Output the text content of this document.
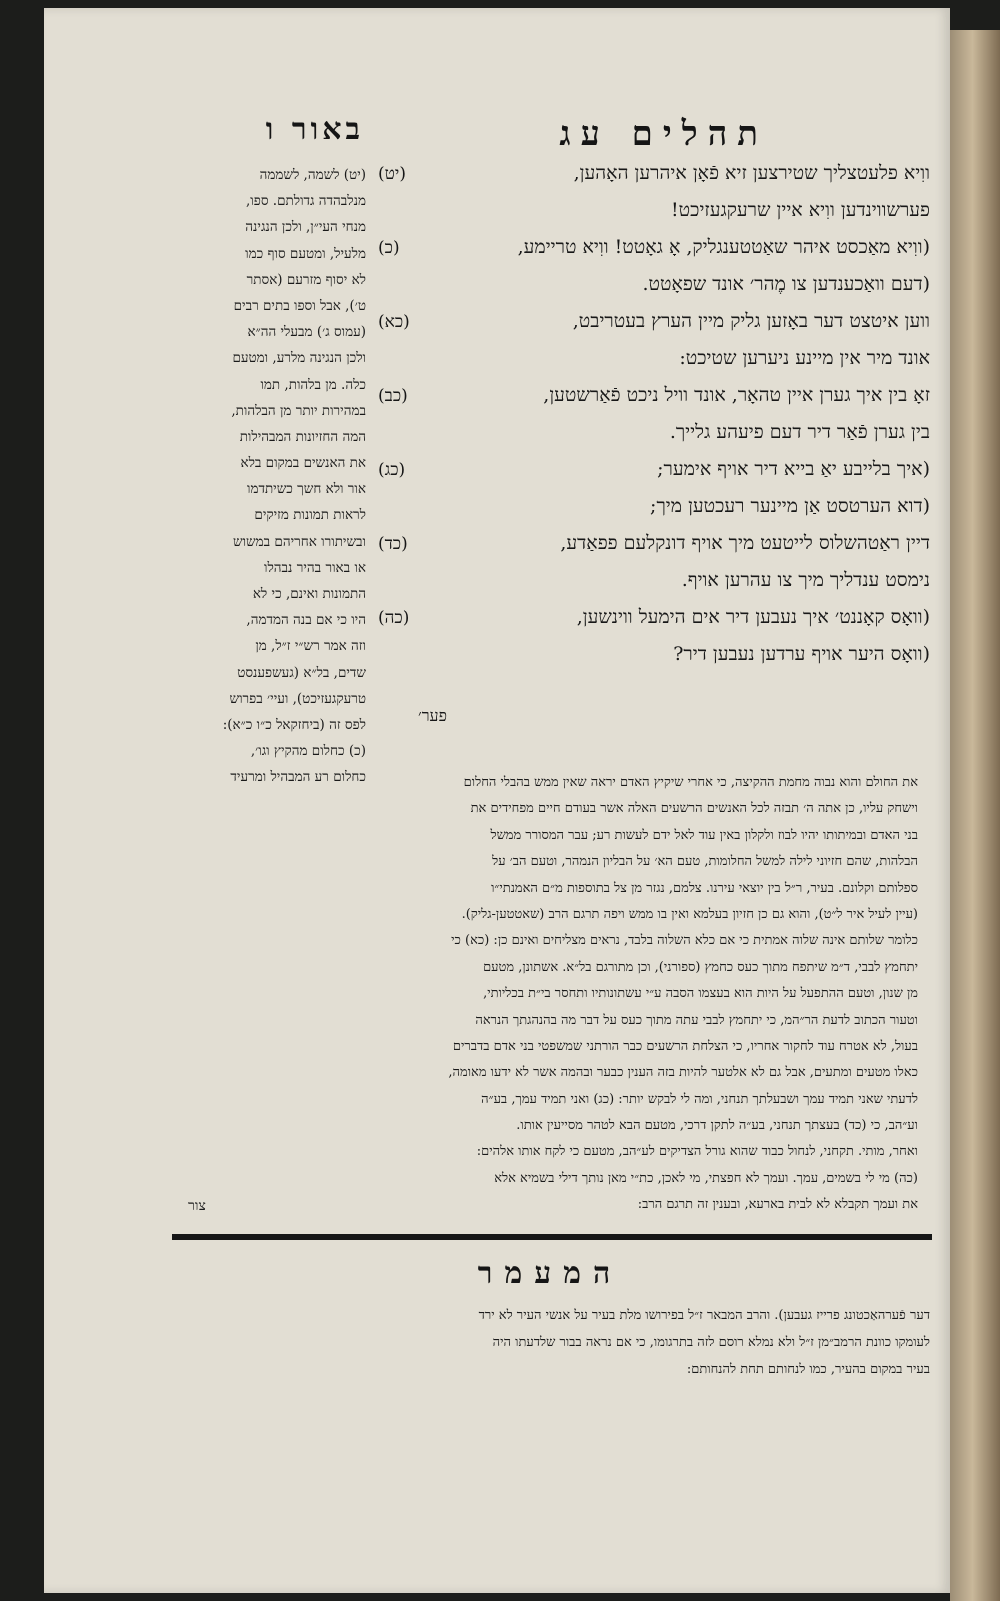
תהלים עג
באור ו
(יט)	ווִיא פלעטצליך שטירצען זיא פֿאָן איהרען האָהען,
פערשווינדען ווִיא איין שרעקגעזיכט!
(כ)	(ווִיא מאַכסט איהר שאַטטענגליק, אָ גאָטט! ווִיא טריימע,
(דעם וואַכענדען צו מֶהר׳ אונד שפאָטט.
(כא)	ווען איטצט דער באָזען גליק מיין הערץ בעטריבט,
אונד מיר אין מיינע ניערען שטיכט:
(כב)	זאָ בין איך גערן איין טהאָר, אונד וויל ניכט פֿאַרשטען,
בין גערן פֿאַר דיר דעם פיעהע גלייך.
(כג)	(איך בלייבע יאַ בייא דיר אויף אימער;
(דוא הערטסט אַן מיינער רעכטען מיך;
(כד)	דיין ראַטהשלוס לייטעט מיך אויף דונקלעם פפאַדע,
נימסט ענדליך מיך צו עהרען אויף.
(כה)	(וואָס קאָננט׳ איך נעבען דיר אים הימעל ווינשען,
(וואָס היער אויף ערדען נעבען דיר?
פער׳
(יט) לשמה, לשממה
מנלבהדה גדולתם. ספו,
מנחי העי״ן, ולכן הנגינה
מלעיל, ומטעם סוף כמו
לא יסוף מזרעם (אסתר
ט׳), אבל וספו בתים רבים
(עמוס ג׳) מבעלי הה״א
ולכן הנגינה מלרע, ומטעם
כלה. מן בלהות, תמו
במהירות יותר מן הבלהות,
המה החזיונות המבהילות
את האנשים במקום בלא
אור ולא חשך כשיתדמו
לראות תמונות מזיקים
ובשיתורו אחריהם במשוש
או באור בהיר נבהלו
התמונות ואינם, כי לא
היו כי אם בנה המדמה,
וזה אמר רש״י ז״ל, מן
שדים, בל״א (געשפענסט
טרעקגעזיכט), ועיי׳ בפרוש
לפס זה (ביחזקאל כ״ו כ״א):
(כ) כחלום מהקיץ וגו׳,
כחלום רע המבהיל ומרעיד	את החולם והוא נבוה מחמת ההקיצה, כי אחרי שיקיץ האדם יראה שאין ממש בהבלי החלום
וישחק עליו, כן אתה ה׳ תבזה לכל האנשים הרשעים האלה אשר בעודם חיים מפחידים את
בני האדם ובמיתותו יהיו לבוז ולקלון באין עוד לאל ידם לעשות רע; עבר המסורר ממשל
הבלהות, שהם חזיוני לילה למשל החלומות, טעם הא׳ על הבליון הנמהר, וטעם הב׳ על
ספלותם וקלונם. בעיר, ר״ל בין יוצאי עירנו. צלמם, נגזר מן צל בתוספות מ״ם האמנתי״ו
(עיין לעיל איר ל״ט), והוא גם כן חזיון בעלמא ואין בו ממש ויפה תרגם הרב (שאטטען-גליק).
כלומר שלותם אינה שלוה אמתית כי אם כלא השלוה בלבד, נראים מצליחים ואינם כן: (כא) כי
יתחמץ לבבי, ד״מ שיתפח מתוך כעס כחמץ (ספורני), וכן מתורגם בל״א. אשתונן, מטעם
מן שנון, וטעם ההתפעל על היות הוא בעצמו הסבה ע״י עשתונותיו ותחסר בי״ת בכליותי,
וטעור הכתוב לדעת הר״המ, כי יתחמץ לבבי עתה מתוך כעס על דבר מה בהנהגתך הנראה
בעול, לא אטרח עוד לחקור אחריו, כי הצלחת הרשעים כבר הורתני שמשפטי בני אדם בדברים
כאלו מטעים ומתעים, אבל גם לא אלטער להיות בזה הענין כבער ובהמה אשר לא ידעו מאומה,
לדעתי שאני תמיד עמך ושבעלתך תנחני, ומה לי לבקש יותר: (כג) ואני תמיד עמך, בע״ה
וע״הב, כי (כד) בעצתך תנחני, בע״ה לתקן דרכי, מטעם הבא לטהר מסייעין אותו.
ואחר, מותי. תקחני, לנחול כבוד שהוא גורל הצדיקים לע״הב, מטעם כי לקח אותו אלהים:
(כה) מי לי בשמים, עמך. ועמך לא חפצתי, מי לאכן, כת״י מאן נותך דילי בשמיא אלא
את ועמך תקבלא לא לבית בארעא, ובענין זה תרגם הרב:
צור
המעמר
דער פֿערהאַכטונג פרייז געבען). והרב המבאר ז״ל בפירושו מלת בעיר על אנשי העיר לא ירד
לעומקו כוונת הרמב״מן ז״ל ולא נמלא רוסם לזה בתרגומו, כי אם נראה בבור שלדעתו היה
בעיר במקום בהעיר, כמו לנחותם תחת להנחותם:
